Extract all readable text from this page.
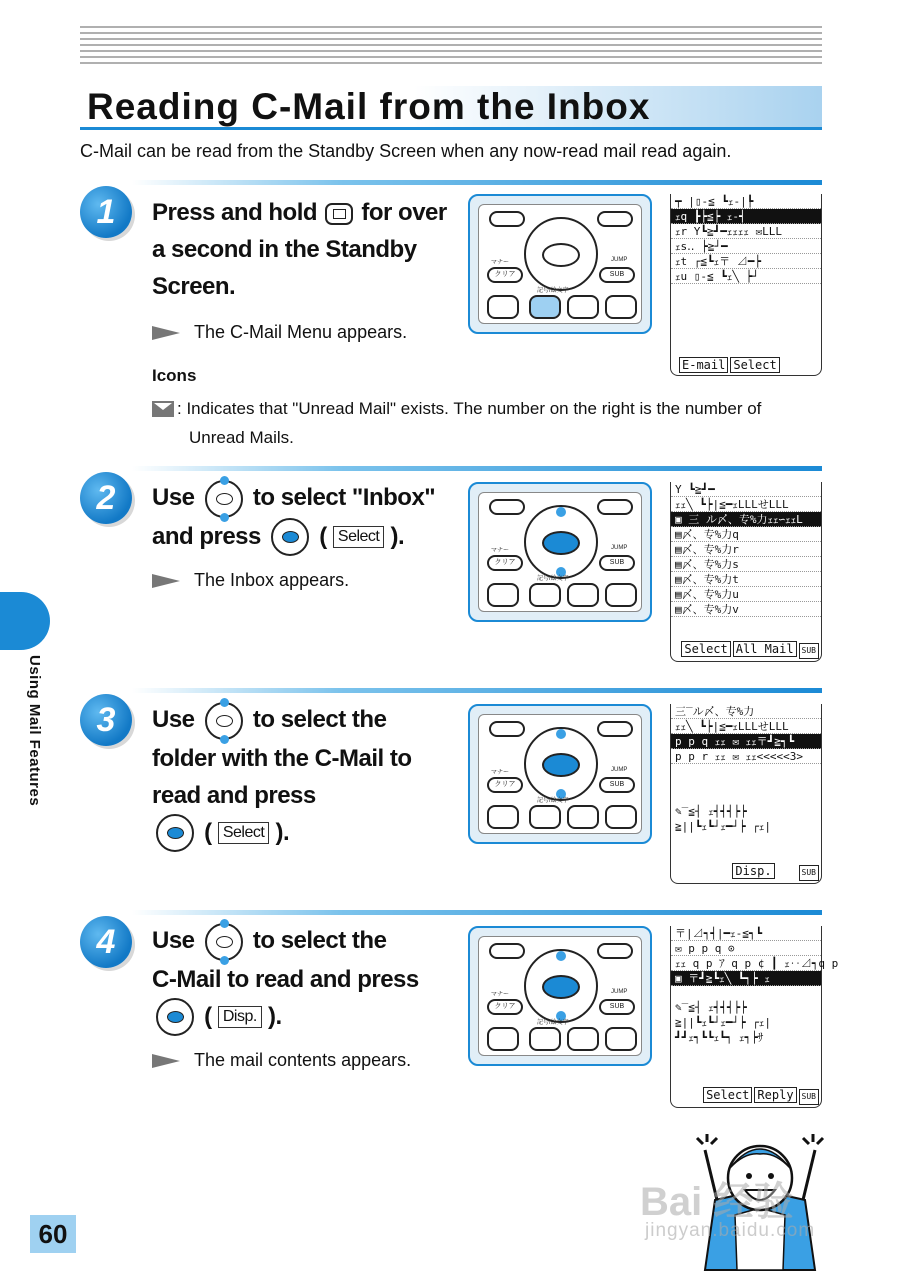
Reading C-Mail from the Inbox

C-Mail can be read from the Standby Screen when any now-read mail read again.

1	Press and hold for over
a second in the Standby
Screen.
The C-Mail Menu appears.
マナー
クリア
JUMP
SUB
記号/絵文字
┯ |▯-≦ ┗ｪ-|┡
ｪq ┣┝≦┝ ｪ-┥
ｪr Y┗≧┛━ｪｪｪｪ ✉LLL
ｪs‥ ┝≧┘━
ｪt ┌≦┗ｪ〒 ⊿━┝
ｪu ▯-≦ ┗ｪ╲ ┝┘
E-mail Select
Icons
: Indicates that "Unread Mail" exists. The number on the right is the number of
Unread Mails.
2	Use to select "Inbox"
and press
( Select ).
The Inbox appears.
マナー
クリア
JUMP
SUB
記号/絵文字
Y ┗≧┛━
ｪｪ╲ ┗┝|≦━ｪLLLせLLL
▣ 三 ル〆、专%力ｪｪ∽ｪｪL
▤〆、专%力q
▤〆、专%力r
▤〆、专%力s
▤〆、专%力t
▤〆、专%力u
▤〆、专%力v
Select All Mail SUB
Using Mail Features	3	Use to select the
folder with the C-Mail to
read and press
( Select ).
マナー
クリア
JUMP
SUB
記号/絵文字
三‾ル〆、专%力
ｪｪ╲ ┗┝|≦━ｪLLLせLLL
p p q ｪｪ ✉ ｪｪ〒┛≧┑┗
p p r ｪｪ ✉ ｪｪ<<<<<3>
✎‾≦┤ ｪ┥┥┥┝┝
≧||┗ｪ┗┘ｪ━┘┝ ┌ｪ|
Disp.	SUB
4	Use to select the
C-Mail to read and press
( Disp. ).
The mail contents appears.
マナー
クリア
JUMP
SUB
記号/絵文字
〒|⊿┑┥|━ｪ-≦┑┗
✉ p p q ⊙
ｪｪ q p ｱ q p ¢ ┃ ｪ‥⊿┑q p
▣ 〒┛≧┗ｪ╲ ┗┑┝ ｪ
✎‾≦┤ ｪ┥┥┥┝┝
≧||┗ｪ┗┘ｪ━┘┝ ┌ｪ|
┛┛ｪ┑┗┗ｪ┗┑ ｪ┑┝ｻ
Select Reply SUB
Bai 经验
jingyan.baidu.com
60
